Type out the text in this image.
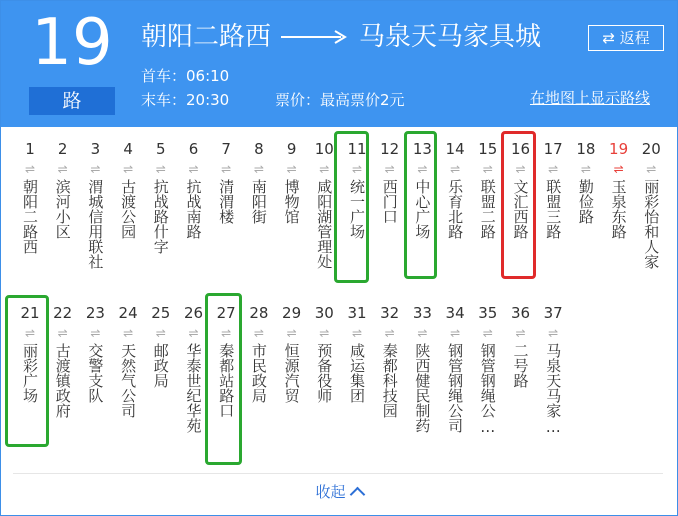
19
路
朝阳二路西	马泉天马家具城	⇄ 返程
首车：06:10
末车：20:30	票价：最高票价2元	在地图上显示路线
1
⇌
朝阳二路西
2
⇌
滨河小区
3
⇌
渭城信用联社
4
⇌
古渡公园
5
⇌
抗战路什字
6
⇌
抗战南路
7
⇌
清渭楼
8
⇌
南阳街
9
⇌
博物馆
10
⇌
咸阳湖管理处
11
⇌
统一广场
12
⇌
西门口
13
⇌
中心广场
14
⇌
乐育北路
15
⇌
联盟二路
16
⇌
文汇西路
17
⇌
联盟三路
18
⇌
勤俭路
19
⇌
玉泉东路
20
⇌
丽彩怡和人家
21
⇌
丽彩广场
22
⇌
古渡镇政府
23
⇌
交警支队
24
⇌
天然气公司
25
⇌
邮政局
26
⇌
华泰世纪华苑
27
⇌
秦都站路口
28
⇌
市民政局
29
⇌
恒源汽贸
30
⇌
预备役师
31
⇌
咸运集团
32
⇌
秦都科技园
33
⇌
陕西健民制药
34
⇌
钢管钢绳公司
35
⇌
钢管钢绳公…
36
⇌
二号路
37
⇌
马泉天马家…
收起
